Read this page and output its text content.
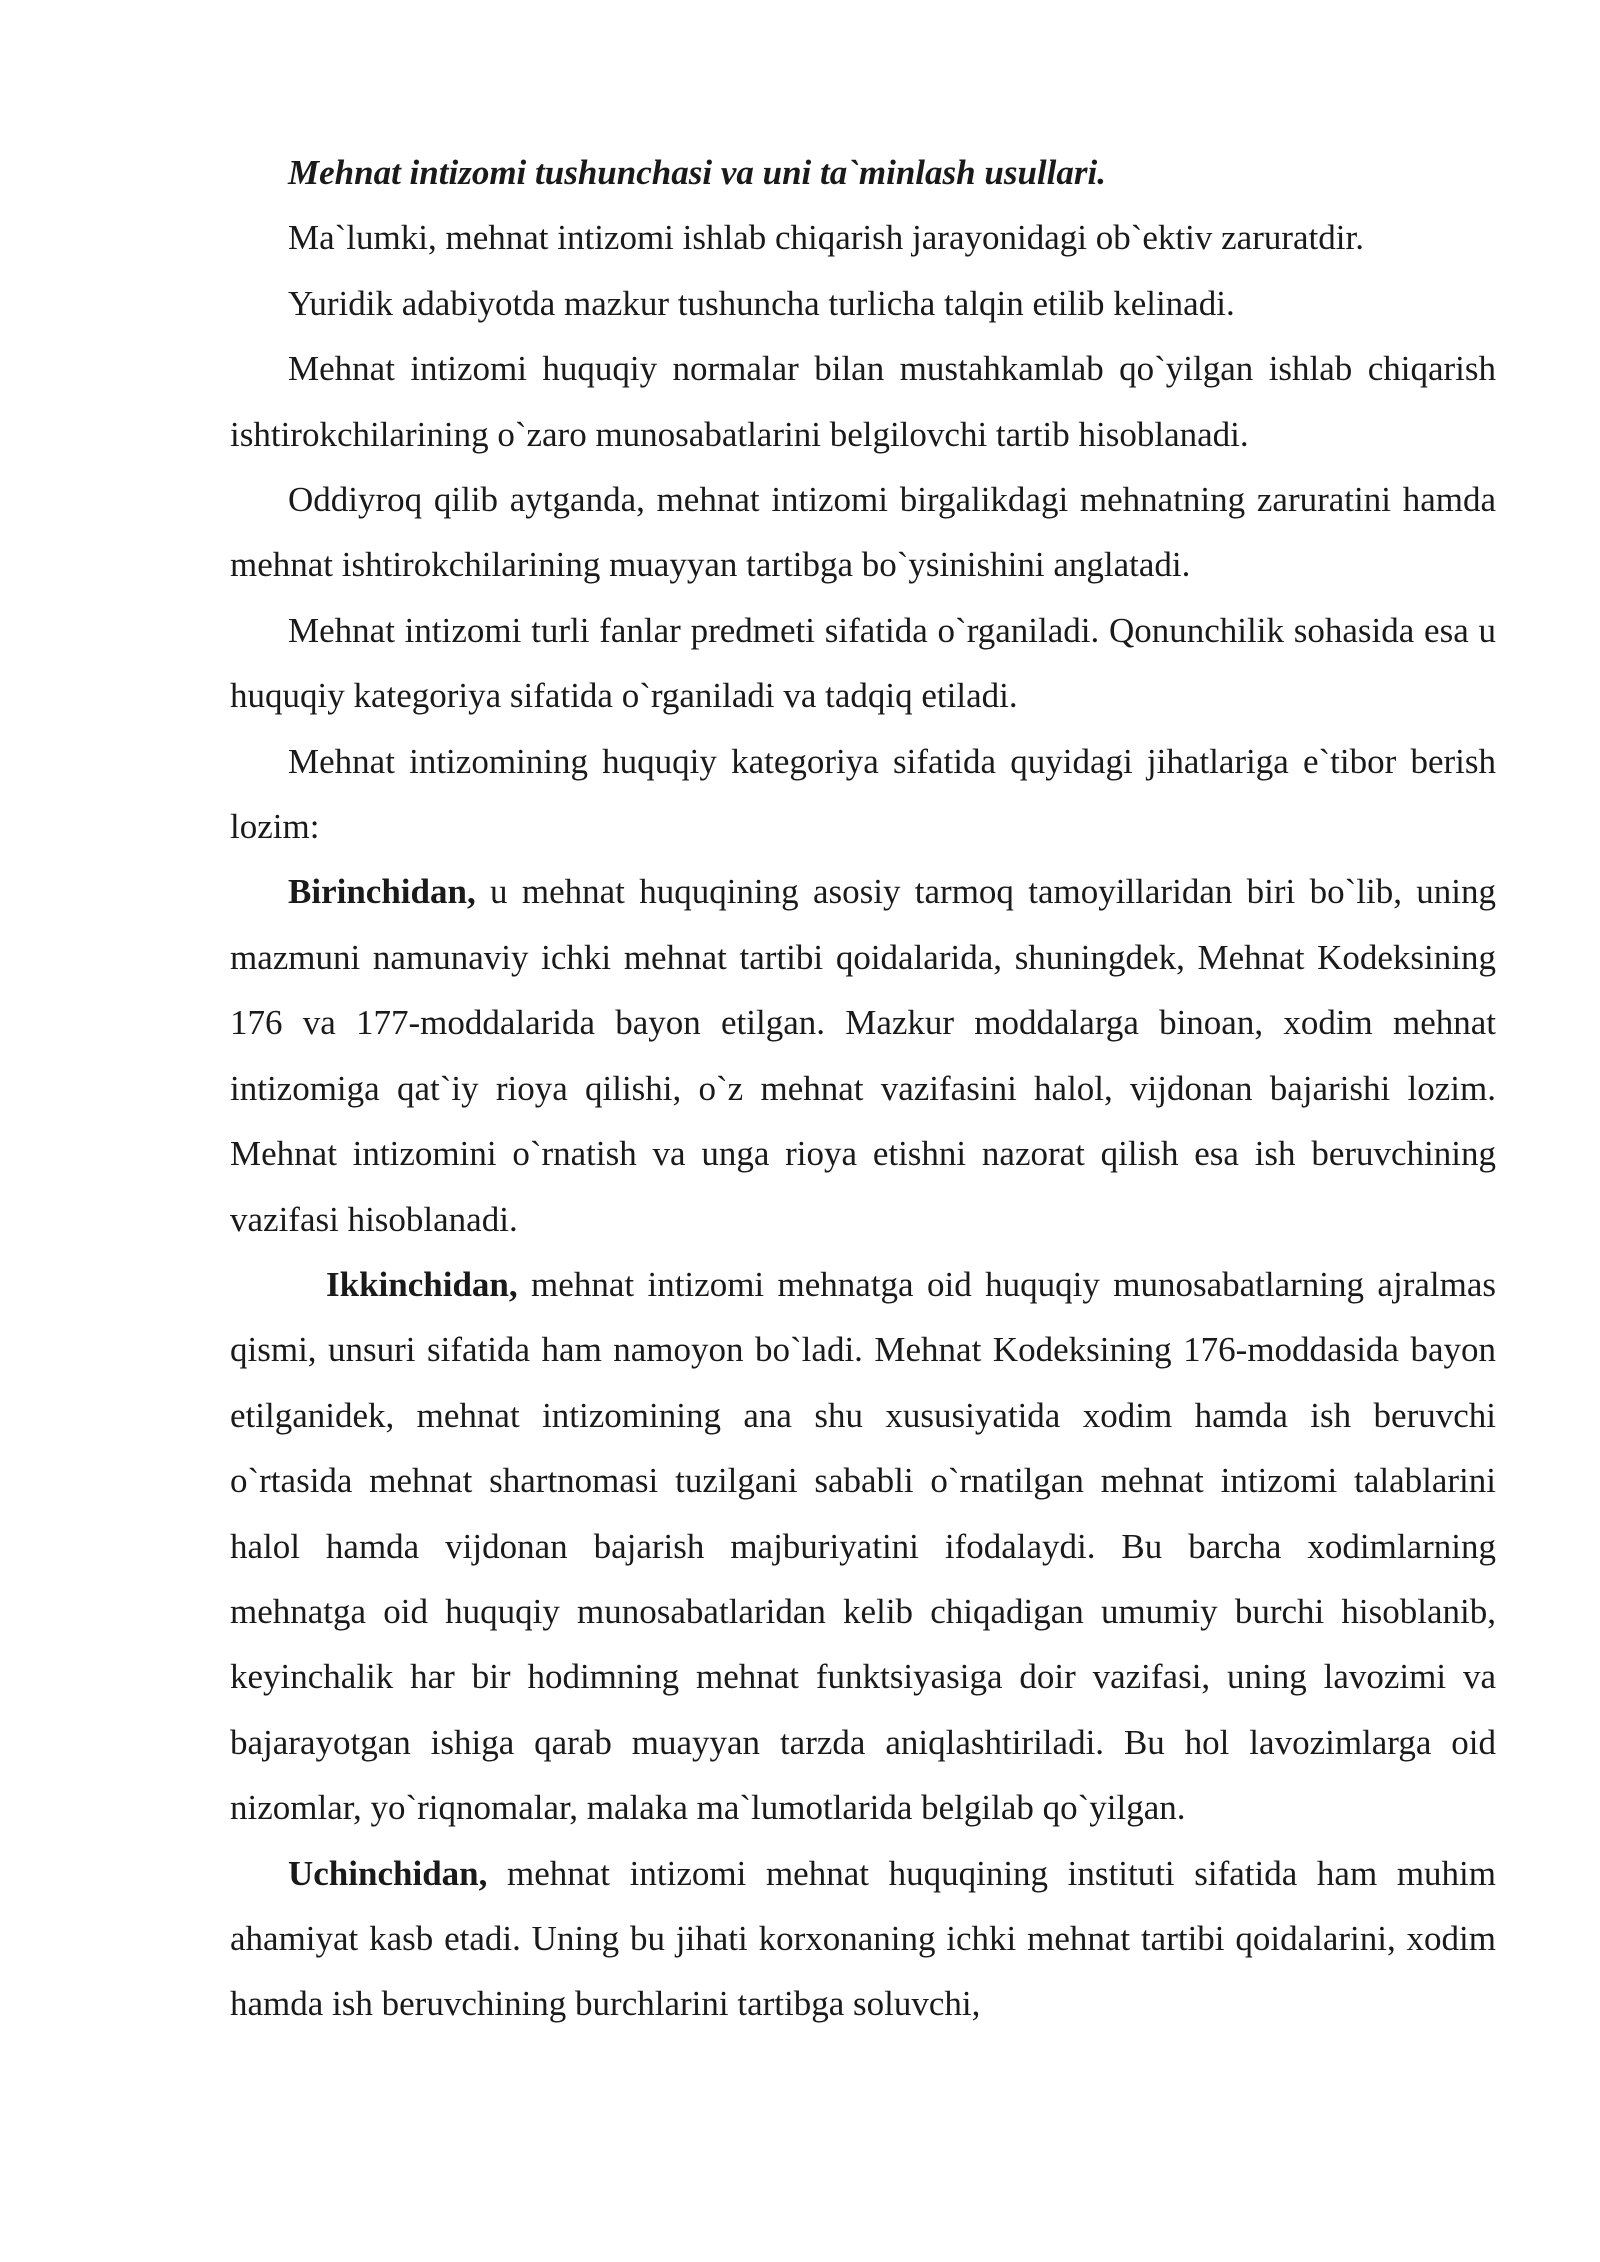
Mehnat intizomi tushunchasi va uni ta`minlash usullari.

Ma`lumki, mehnat intizomi ishlab chiqarish jarayonidagi ob`ektiv zaruratdir.

Yuridik adabiyotda mazkur tushuncha turlicha talqin etilib kelinadi.

Mehnat intizomi huquqiy normalar bilan mustahkamlab qo`yilgan ishlab chiqarish ishtirokchilarining o`zaro munosabatlarini belgilovchi tartib hisoblanadi.

Oddiyroq qilib aytganda, mehnat intizomi birgalikdagi mehnatning zaruratini hamda mehnat ishtirokchilarining muayyan tartibga bo`ysinishini anglatadi.

Mehnat intizomi turli fanlar predmeti sifatida o`rganiladi. Qonunchilik sohasida esa u huquqiy kategoriya sifatida o`rganiladi va tadqiq etiladi.

Mehnat intizomining huquqiy kategoriya sifatida quyidagi jihatlariga e`tibor berish lozim:

Birinchidan, u mehnat huquqining asosiy tarmoq tamoyillaridan biri bo`lib, uning mazmuni namunaviy ichki mehnat tartibi qoidalarida, shuningdek, Mehnat Kodeksining 176 va 177-moddalarida bayon etilgan. Mazkur moddalarga binoan, xodim mehnat intizomiga qat`iy rioya qilishi, o`z mehnat vazifasini halol, vijdonan bajarishi lozim. Mehnat intizomini o`rnatish va unga rioya etishni nazorat qilish esa ish beruvchining vazifasi hisoblanadi.

Ikkinchidan, mehnat intizomi mehnatga oid huquqiy munosabatlarning ajralmas qismi, unsuri sifatida ham namoyon bo`ladi. Mehnat Kodeksining 176-moddasida bayon etilganidek, mehnat intizomining ana shu xususiyatida xodim hamda ish beruvchi o`rtasida mehnat shartnomasi tuzilgani sababli o`rnatilgan mehnat intizomi talablarini halol hamda vijdonan bajarish majburiyatini ifodalaydi. Bu barcha xodimlarning mehnatga oid huquqiy munosabatlaridan kelib chiqadigan umumiy burchi hisoblanib, keyinchalik har bir hodimning mehnat funktsiyasiga doir vazifasi, uning lavozimi va bajarayotgan ishiga qarab muayyan tarzda aniqlashtiriladi. Bu hol lavozimlarga oid nizomlar, yo`riqnomalar, malaka ma`lumotlarida belgilab qo`yilgan.

Uchinchidan, mehnat intizomi mehnat huquqining instituti sifatida ham muhim ahamiyat kasb etadi. Uning bu jihati korxonaning ichki mehnat tartibi qoidalarini, xodim hamda ish beruvchining burchlarini tartibga soluvchi,
